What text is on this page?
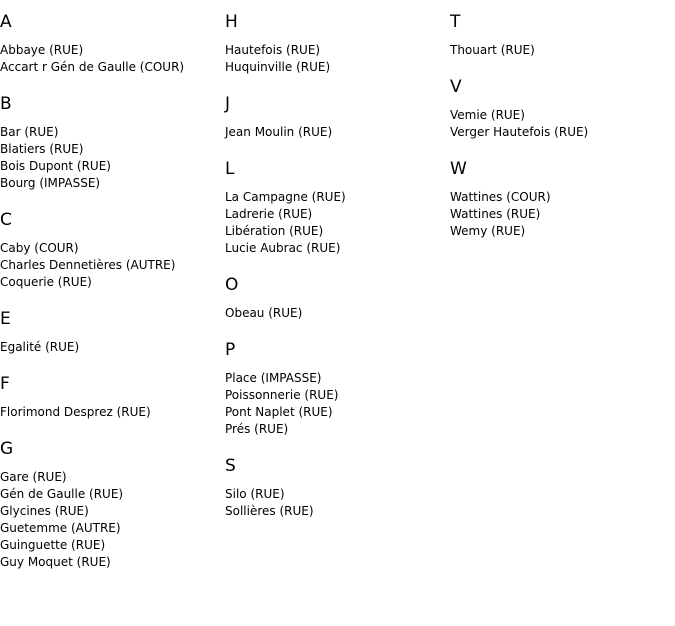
A
Abbaye (RUE)
Accart r Gén de Gaulle (COUR)
B
Bar (RUE)
Blatiers (RUE)
Bois Dupont (RUE)
Bourg (IMPASSE)
C
Caby (COUR)
Charles Dennetières (AUTRE)
Coquerie (RUE)
E
Egalité (RUE)
F
Florimond Desprez (RUE)
G
Gare (RUE)
Gén de Gaulle (RUE)
Glycines (RUE)
Guetemme (AUTRE)
Guinguette (RUE)
Guy Moquet (RUE)
H
Hautefois (RUE)
Huquinville (RUE)
J
Jean Moulin (RUE)
L
La Campagne (RUE)
Ladrerie (RUE)
Libération (RUE)
Lucie Aubrac (RUE)
O
Obeau (RUE)
P
Place (IMPASSE)
Poissonnerie (RUE)
Pont Naplet (RUE)
Prés (RUE)
S
Silo (RUE)
Sollières (RUE)
T
Thouart (RUE)
V
Vemie (RUE)
Verger Hautefois (RUE)
W
Wattines (COUR)
Wattines (RUE)
Wemy (RUE)
